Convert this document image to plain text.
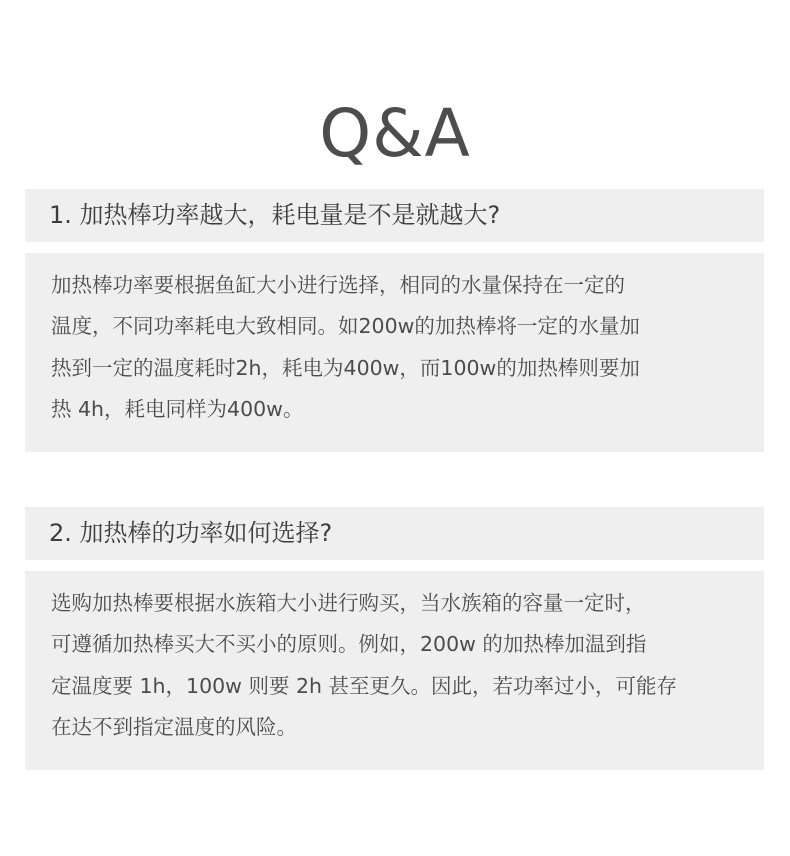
Q&A
1. 加热棒功率越大，耗电量是不是就越大?
加热棒功率要根据鱼缸大小进行选择，相同的水量保持在一定的
温度，不同功率耗电大致相同。如200w的加热棒将一定的水量加
热到一定的温度耗时2h，耗电为400w，而100w的加热棒则要加
热 4h，耗电同样为400w。
2. 加热棒的功率如何选择?
选购加热棒要根据水族箱大小进行购买，当水族箱的容量一定时，
可遵循加热棒买大不买小的原则。例如，200w 的加热棒加温到指
定温度要 1h，100w 则要 2h 甚至更久。因此，若功率过小，可能存
在达不到指定温度的风险。
